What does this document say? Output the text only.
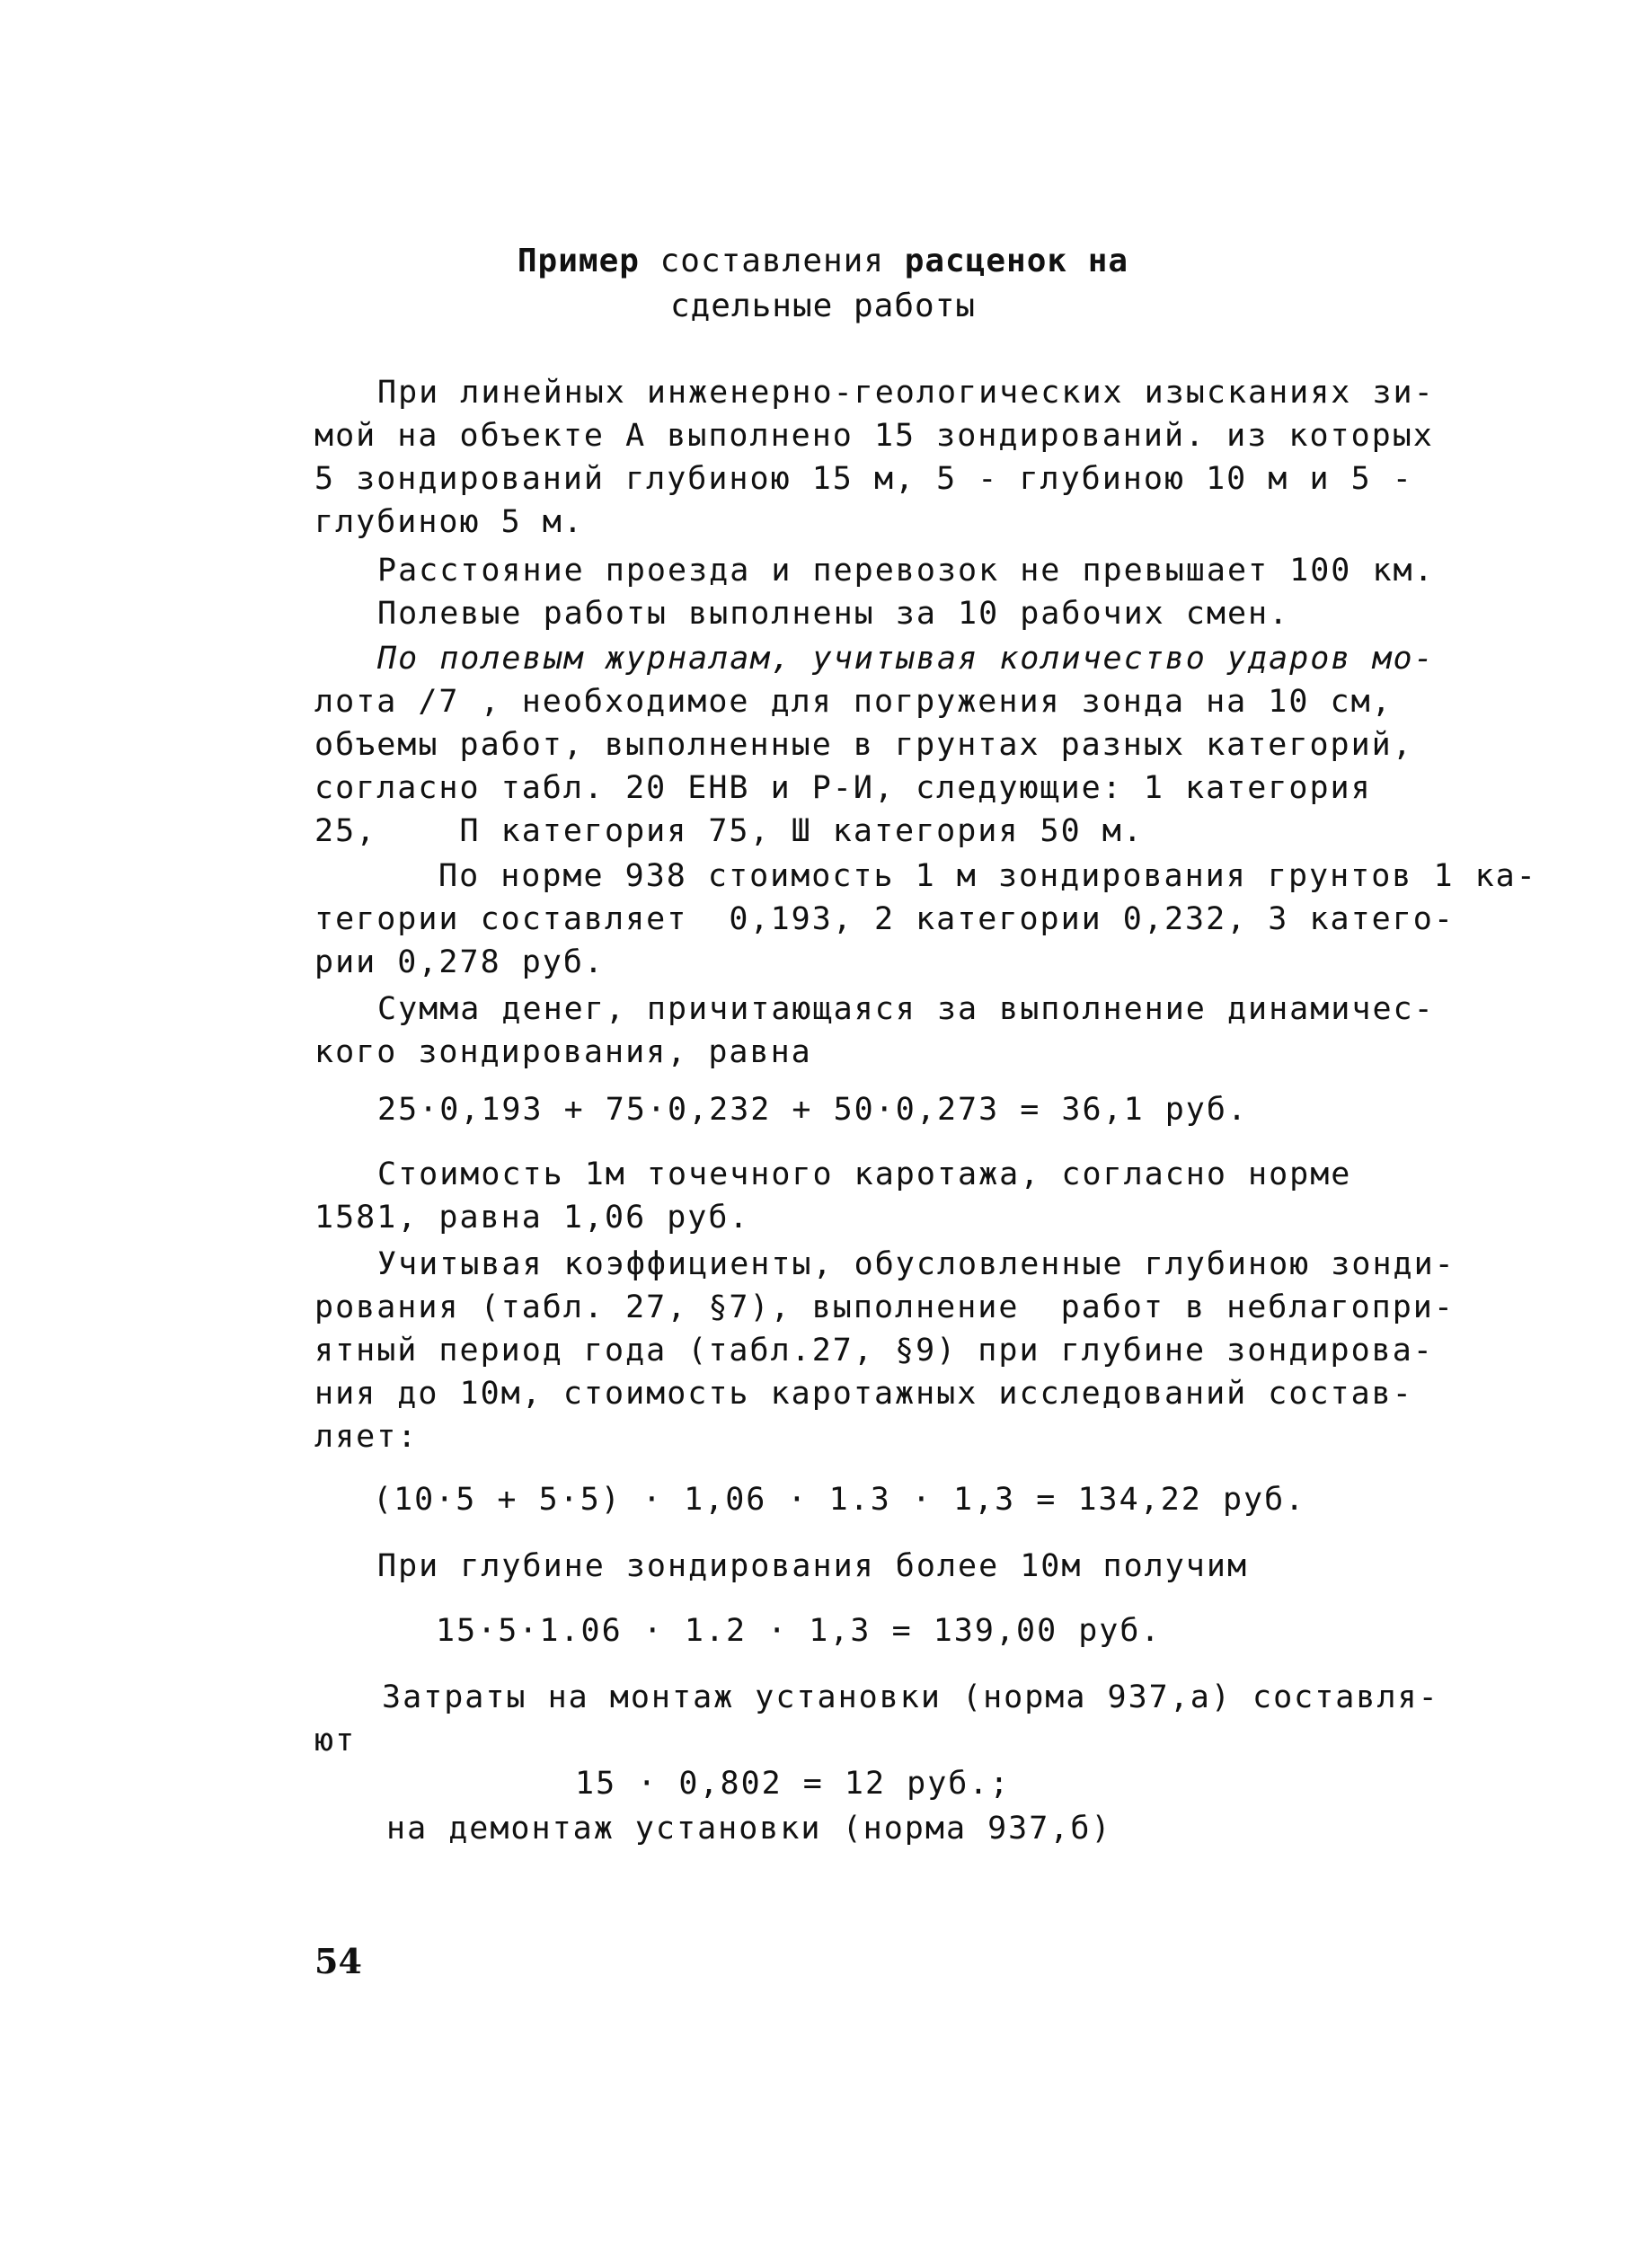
Пример составления расценок на
сдельные работы
При линейных инженерно-геологических изысканиях зи-
мой на объекте А выполнено 15 зондирований. из которых
5 зондирований глубиною 15 м, 5 - глубиною 10 м и 5 -
глубиною 5 м.
Расстояние проезда и перевозок не превышает 100 км.
Полевые работы выполнены за 10 рабочих смен.
По полевым журналам, учитывая количество ударов мо-
лота /7 , необходимое для погружения зонда на 10 см,
объемы работ, выполненные в грунтах разных категорий,
согласно табл. 20 ЕНВ и Р-И, следующие: 1 категория
25,    П категория 75, Ш категория 50 м.
По норме 938 стоимость 1 м зондирования грунтов 1 ка-
тегории составляет  0,193, 2 категории 0,232, 3 катего-
рии 0,278 руб.
Сумма денег, причитающаяся за выполнение динамичес-
кого зондирования, равна
25·0,193 + 75·0,232 + 50·0,273 = 36,1 руб.
Стоимость 1м точечного каротажа, согласно норме
1581, равна 1,06 руб.
Учитывая коэффициенты, обусловленные глубиною зонди-
рования (табл. 27, §7), выполнение  работ в неблагопри-
ятный период года (табл.27, §9) при глубине зондирова-
ния до 10м, стоимость каротажных исследований состав-
ляет:
(10·5 + 5·5) · 1,06 · 1.3 · 1,3 = 134,22 руб.
При глубине зондирования более 10м получим
15·5·1.06 · 1.2 · 1,3 = 139,00 руб.
Затраты на монтаж установки (норма 937,а) составля-
ют
15 · 0,802 = 12 руб.;
на демонтаж установки (норма 937,б)
54
